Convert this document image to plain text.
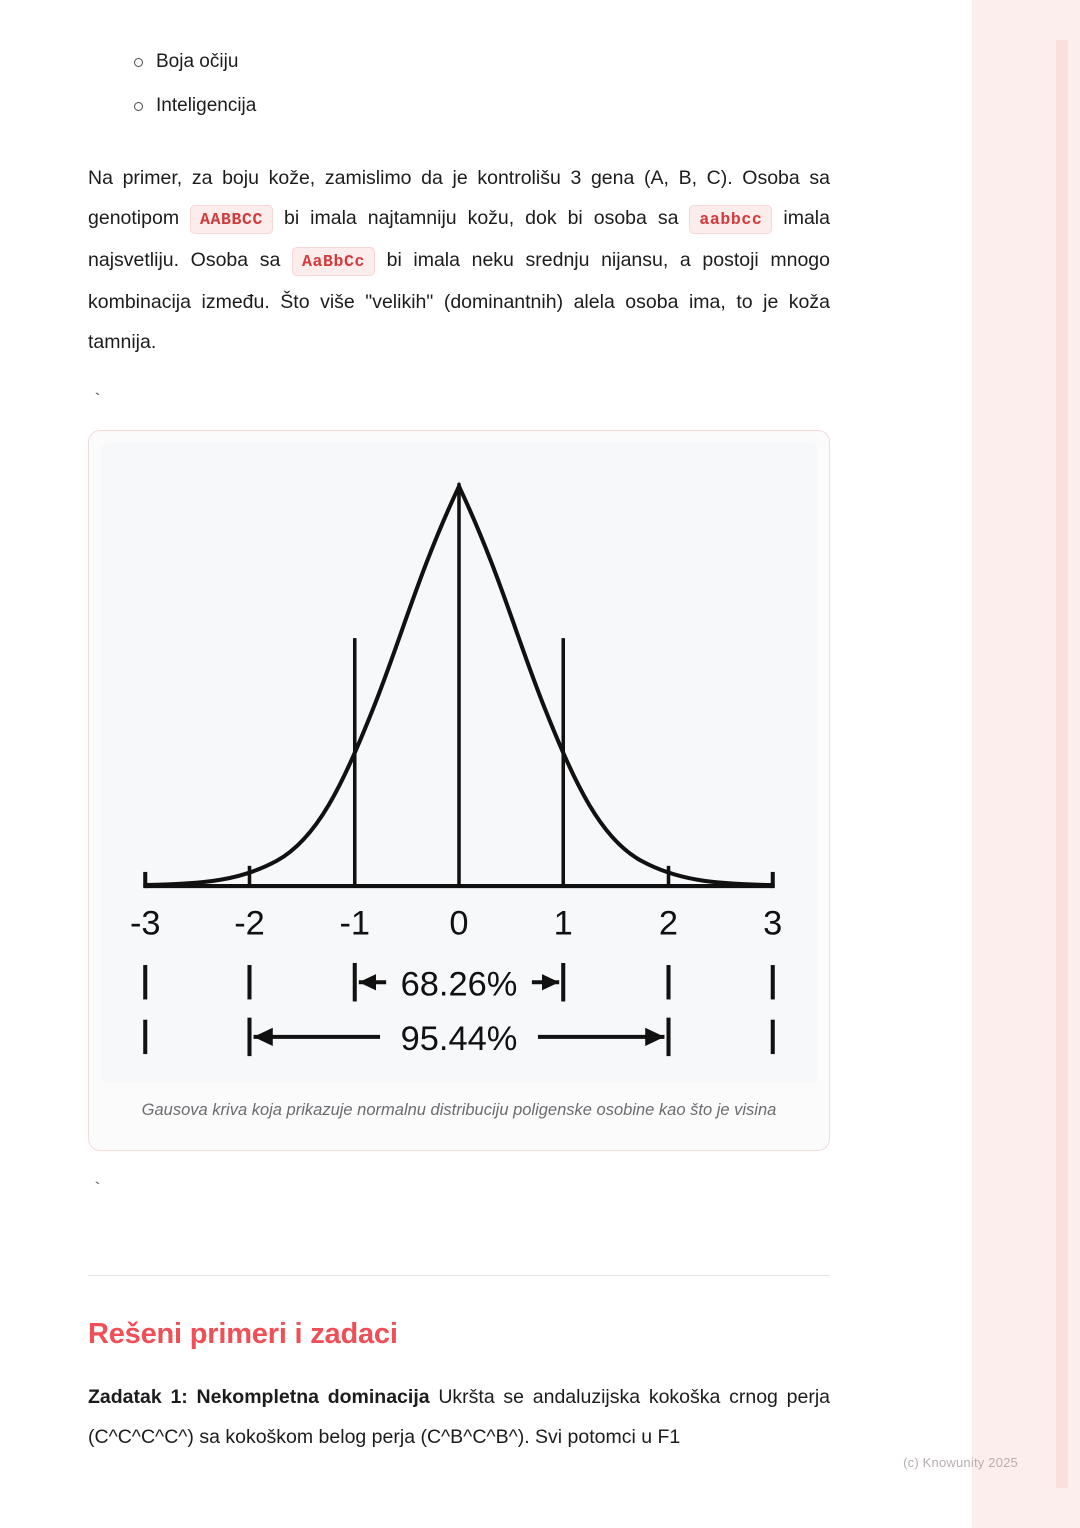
Boja očiju
Inteligencija

Na primer, za boju kože, zamislimo da je kontrolišu 3 gena (A, B, C). Osoba sa genotipom AABBCC bi imala najtamniju kožu, dok bi osoba sa aabbcc imala najsvetliju. Osoba sa AaBbCc bi imala neku srednju nijansu, a postoji mnogo kombinacija između. Što više "velikih" (dominantnih) alela osoba ima, to je koža tamnija.

`
-3 -2 -1 0	1	2	3
68.26%
95.44%
Gausova kriva koja prikazuje normalnu distribuciju poligenske osobine kao što je visina
`
Rešeni primeri i zadaci

Zadatak 1: Nekompletna dominacija Ukršta se andaluzijska kokoška crnog perja (C^C^C^C^) sa kokoškom belog perja (C^B^C^B^). Svi potomci u F1

(c) Knowunity 2025
